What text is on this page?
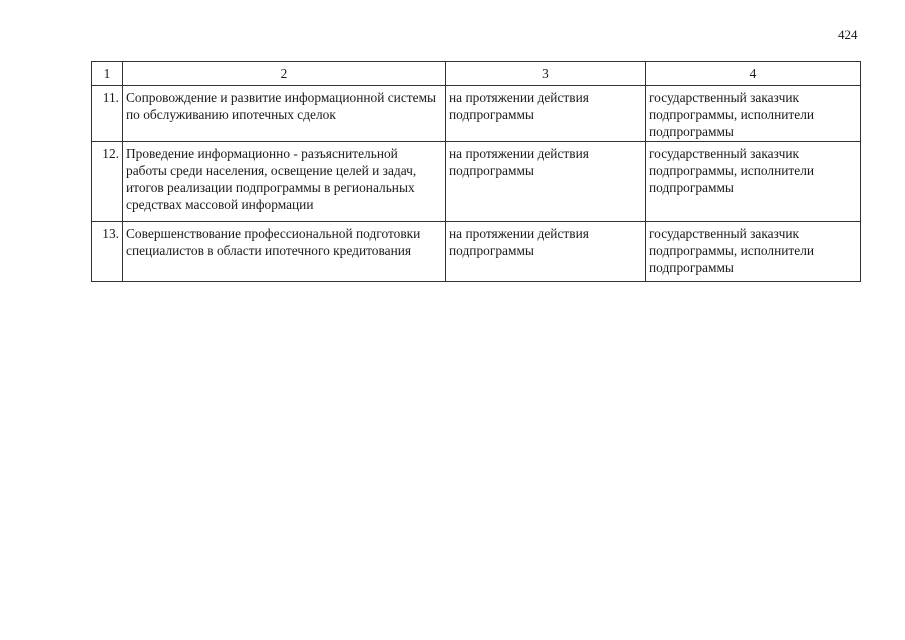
424
1	2	3	4
11.	Сопровождение и развитие информационной системы по обслуживанию ипотечных сделок	на протяжении действия подпрограммы	государственный заказчик подпрограммы, исполнители подпрограммы
12.	Проведение информационно - разъяснительной работы среди населения, освещение целей и задач, итогов реализации подпрограммы в региональных средствах массовой информации	на протяжении действия подпрограммы	государственный заказчик подпрограммы, исполнители подпрограммы
13.	Совершенствование профессиональной подготовки специалистов в области ипотечного кредитования	на протяжении действия подпрограммы	государственный заказчик подпрограммы, исполнители подпрограммы
